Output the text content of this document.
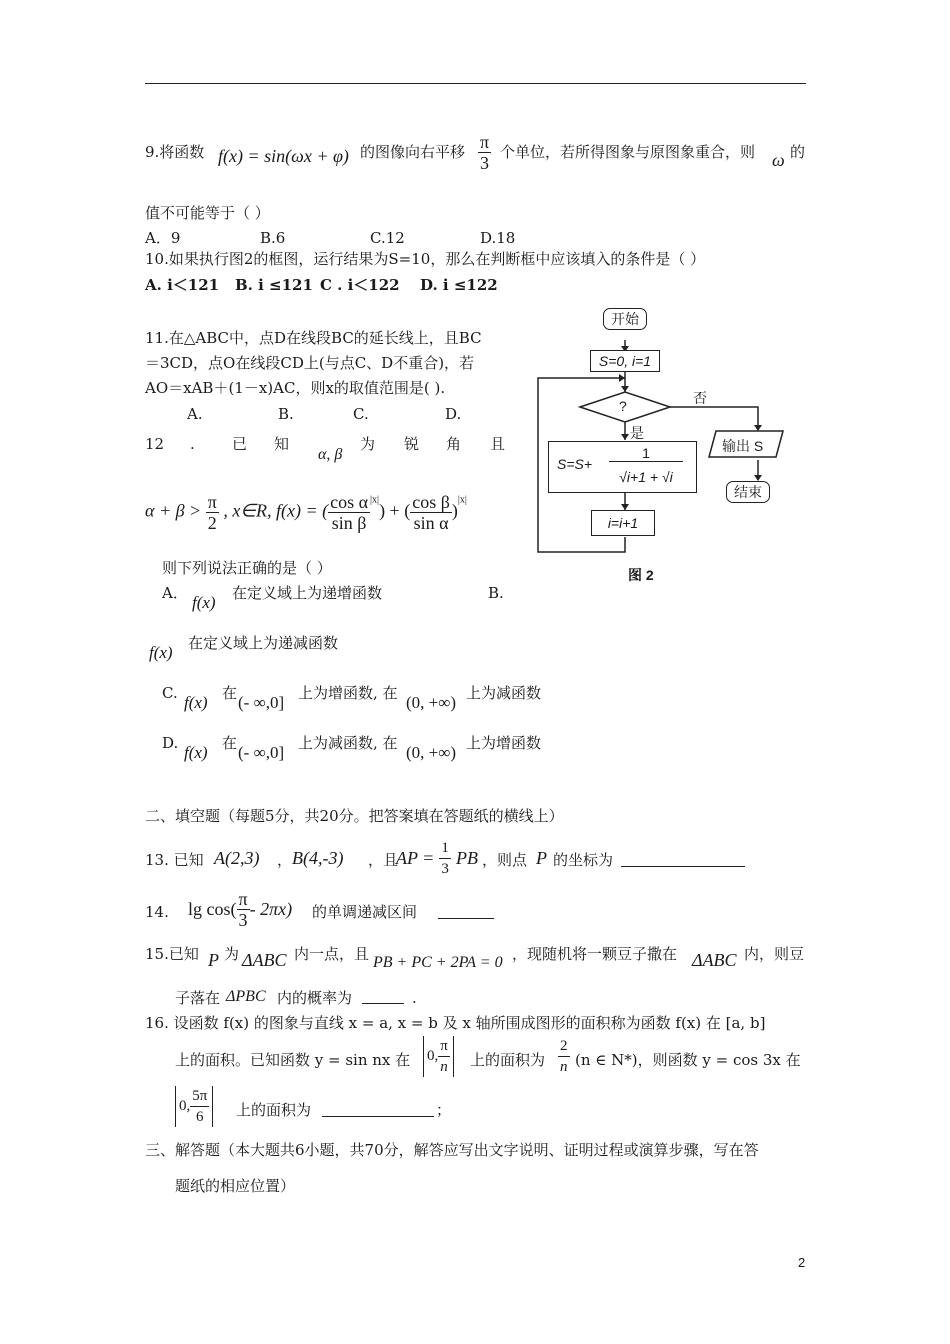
9.将函数 f(x) = sin(ωx + φ) 的图像向右平移 $\frac{\pi}{3}$ 个单位，若所得图象与原图象重合，则 ω 的
值不可能等于（ ）
A．9	B.6	C.12	D.18
10.如果执行图2的框图，运行结果为S=10，那么在判断框中应该填入的条件是（ ）
A. i＜121 B. i ≤121 C . i＜122 D. i ≤122
11.在△ABC中，点D在线段BC的延长线上，且BC
＝3CD，点O在线段CD上(与点C、D不重合)，若
AO＝xAB＋(1－x)AC，则x的取值范围是( ).
A.	B.	C.	D.
12 . 已 知
α, β
为 锐 角 且
$\alpha + \beta > \frac{\pi}{2}$ , x∈R, f(x) = ( $\frac{\text{cos α}}{\text{sin β}} ^{|x|}$) + ( $\frac{\text{cos β}}{\text{sin α}} )^{|x|}$
则下列说法正确的是（ ）
A． f(x) 在定义域上为递增函数	B.
f(x) 在定义域上为递减函数
C. f(x) 在 (- ∞,0] 上为增函数, 在 (0, +∞) 上为减函数
D. f(x) 在 (- ∞,0] 上为减函数, 在 (0, +∞) 上为增函数
二、填空题（每题5分，共20分。把答案填在答题纸的横线上）
13. 已知 A(2,3) ， B(4,-3) ，且
AP = $\frac{1}{3}$ PB ，则点 P 的坐标为
14. $\lg \cos( \frac{\pi}{3} - 2\pi x)$ 的单调递减区间
15.已知 P 为 ΔABC 内一点，且 PB + PC + 2PA = 0 ，现随机将一颗豆子撒在 ΔABC 内，则豆
子落在 ΔPBC 内的概率为	.
16. 设函数 f(x) 的图象与直线 x = a, x = b 及 x 轴所围成图形的面积称为函数 f(x) 在 [a, b]
上的面积。已知函数 y = sin nx 在 0, $\frac{\pi}{n}$ 上的面积为 $\frac{2}{n} (n$ ∈ N*)，则函数 y = cos 3x 在
0, $\frac{5\pi}{6}$ 上的面积为	；
三、解答题（本大题共6小题，共70分，解答应写出文字说明、证明过程或演算步骤，写在答
题纸的相应位置）
开始
S=0, i=1
?	否
是
S=S+
1
√i+1 + √i
i=i+1
输出 S
结束
图 2
2
